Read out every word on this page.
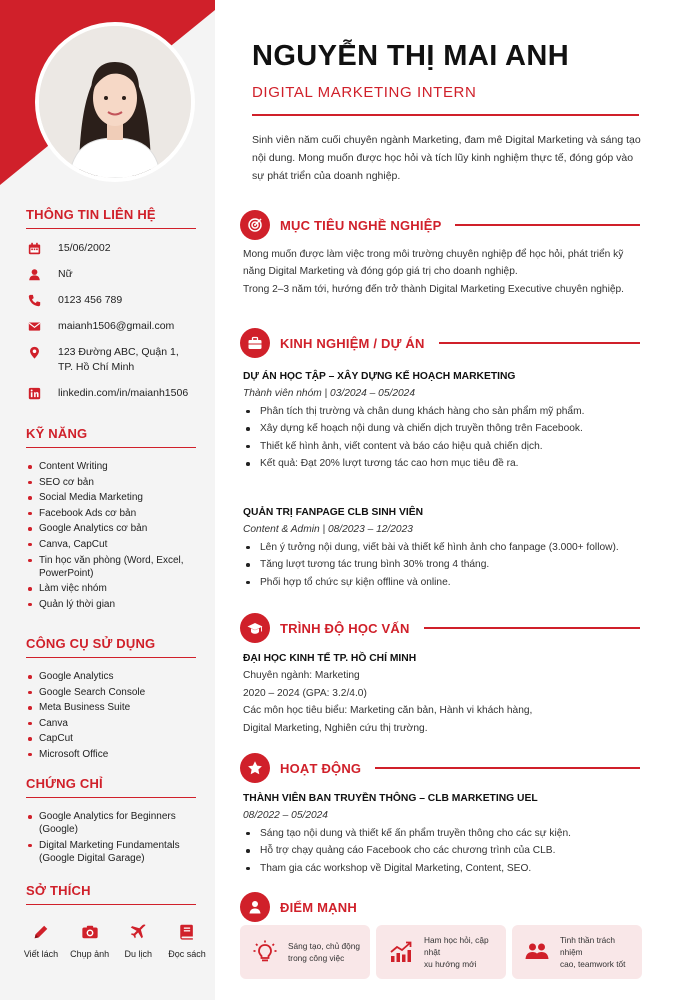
THÔNG TIN LIÊN HỆ
15/06/2002
Nữ
0123 456 789
maianh1506@gmail.com
123 Đường ABC, Quận 1, TP. Hồ Chí Minh
linkedin.com/in/maianh1506
KỸ NĂNG
Content Writing
SEO cơ bản
Social Media Marketing
Facebook Ads cơ bản
Google Analytics cơ bản
Canva, CapCut
Tin học văn phòng (Word, Excel, PowerPoint)
Làm việc nhóm
Quản lý thời gian
CÔNG CỤ SỬ DỤNG
Google Analytics
Google Search Console
Meta Business Suite
Canva
CapCut
Microsoft Office
CHỨNG CHỈ
Google Analytics for Beginners (Google)
Digital Marketing Fundamentals (Google Digital Garage)
SỞ THÍCH
Viết lách	Chụp ảnh	Du lịch	Đọc sách
NGUYỄN THỊ MAI ANH
DIGITAL MARKETING INTERN
Sinh viên năm cuối chuyên ngành Marketing, đam mê Digital Marketing và sáng tạo nội dung. Mong muốn được học hỏi và tích lũy kinh nghiệm thực tế, đóng góp vào sự phát triển của doanh nghiệp.
MỤC TIÊU NGHỀ NGHIỆP
Mong muốn được làm việc trong môi trường chuyên nghiệp để học hỏi, phát triển kỹ năng Digital Marketing và đóng góp giá trị cho doanh nghiệp.
Trong 2–3 năm tới, hướng đến trở thành Digital Marketing Executive chuyên nghiệp.
KINH NGHIỆM / DỰ ÁN
DỰ ÁN HỌC TẬP – XÂY DỰNG KẾ HOẠCH MARKETING
Thành viên nhóm | 03/2024 – 05/2024
Phân tích thị trường và chân dung khách hàng cho sản phẩm mỹ phẩm.
Xây dựng kế hoạch nội dung và chiến dịch truyền thông trên Facebook.
Thiết kế hình ảnh, viết content và báo cáo hiệu quả chiến dịch.
Kết quả: Đạt 20% lượt tương tác cao hơn mục tiêu đề ra.
QUẢN TRỊ FANPAGE CLB SINH VIÊN
Content & Admin | 08/2023 – 12/2023
Lên ý tưởng nội dung, viết bài và thiết kế hình ảnh cho fanpage (3.000+ follow).
Tăng lượt tương tác trung bình 30% trong 4 tháng.
Phối hợp tổ chức sự kiện offline và online.
TRÌNH ĐỘ HỌC VẤN
ĐẠI HỌC KINH TẾ TP. HỒ CHÍ MINH
Chuyên ngành: Marketing
2020 – 2024 (GPA: 3.2/4.0)
Các môn học tiêu biểu: Marketing căn bản, Hành vi khách hàng,
Digital Marketing, Nghiên cứu thị trường.
HOẠT ĐỘNG
THÀNH VIÊN BAN TRUYỀN THÔNG – CLB MARKETING UEL
08/2022 – 05/2024
Sáng tạo nội dung và thiết kế ấn phẩm truyền thông cho các sự kiện.
Hỗ trợ chạy quảng cáo Facebook cho các chương trình của CLB.
Tham gia các workshop về Digital Marketing, Content, SEO.
ĐIỂM MẠNH
Sáng tạo, chủ động
trong công việc
Ham học hỏi, cập nhật
xu hướng mới
Tinh thần trách nhiệm
cao, teamwork tốt
